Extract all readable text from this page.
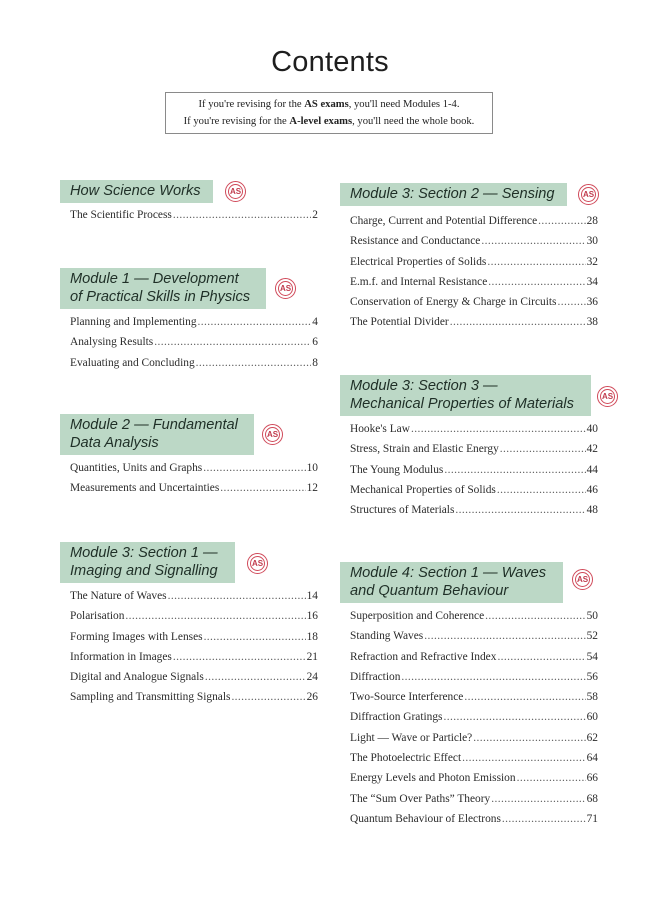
Contents
If you're revising for the AS exams, you'll need Modules 1-4.
If you're revising for the A-level exams, you'll need the whole book.
How Science Works	AS
The Scientific Process .....	2
Module 1 — Development
of Practical Skills in Physics
AS
Planning and Implementing .....	4
Analysing Results .....	6
Evaluating and Concluding .....	8
Module 2 — Fundamental
Data Analysis
AS
Quantities, Units and Graphs .....	10
Measurements and Uncertainties .....	12
Module 3: Section 1 —
Imaging and Signalling	AS
The Nature of Waves .....	14
Polarisation .....	16
Forming Images with Lenses .....	18
Information in Images .....	21
Digital and Analogue Signals .....	24
Sampling and Transmitting Signals .....	26
Module 3: Section 2 — Sensing	AS
Charge, Current and Potential Difference .....	28
Resistance and Conductance .....	30
Electrical Properties of Solids .....	32
E.m.f. and Internal Resistance .....	34
Conservation of Energy & Charge in Circuits .....	36
The Potential Divider .....	38
Module 3: Section 3 —
Mechanical Properties of Materials	AS
Hooke's Law .....	40
Stress, Strain and Elastic Energy .....	42
The Young Modulus .....	44
Mechanical Properties of Solids .....	46
Structures of Materials .....	48
Module 4: Section 1 — Waves
and Quantum Behaviour
AS
Superposition and Coherence .....	50
Standing Waves .....	52
Refraction and Refractive Index .....	54
Diffraction .....	56
Two-Source Interference .....	58
Diffraction Gratings .....	60
Light — Wave or Particle? .....	62
The Photoelectric Effect .....	64
Energy Levels and Photon Emission .....	66
The “Sum Over Paths” Theory .....	68
Quantum Behaviour of Electrons .....	71
